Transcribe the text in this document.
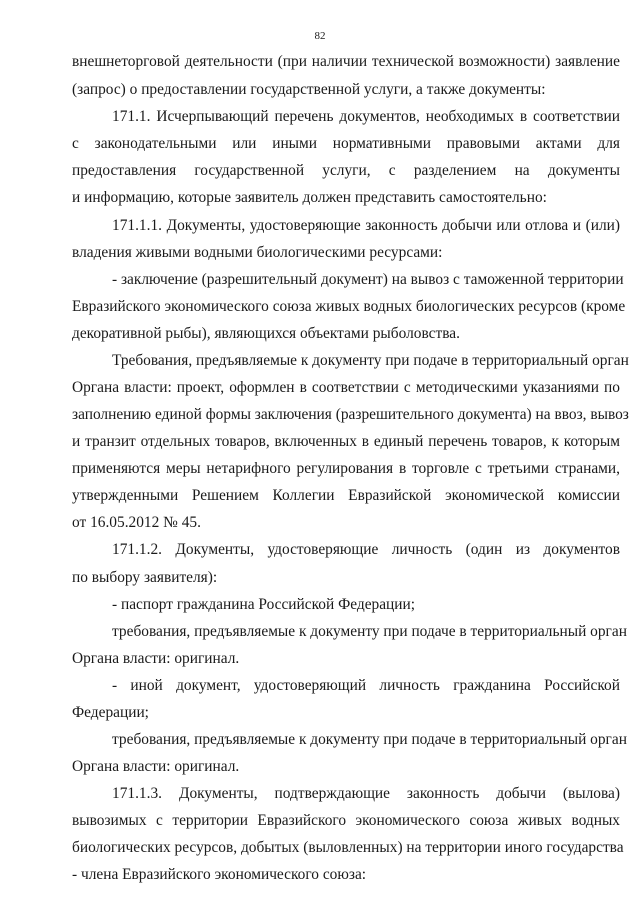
82
внешнеторговой деятельности (при наличии технической возможности) заявление
(запрос) о предоставлении государственной услуги, а также документы:
171.1. Исчерпывающий перечень документов, необходимых в соответствии
с законодательными или иными нормативными правовыми актами для
предоставления государственной услуги, с разделением на документы
и информацию, которые заявитель должен представить самостоятельно:
171.1.1. Документы, удостоверяющие законность добычи или отлова и (или)
владения живыми водными биологическими ресурсами:
- заключение (разрешительный документ) на вывоз с таможенной территории
Евразийского экономического союза живых водных биологических ресурсов (кроме
декоративной рыбы), являющихся объектами рыболовства.
Требования, предъявляемые к документу при подаче в территориальный орган
Органа власти: проект, оформлен в соответствии с методическими указаниями по
заполнению единой формы заключения (разрешительного документа) на ввоз, вывоз
и транзит отдельных товаров, включенных в единый перечень товаров, к которым
применяются меры нетарифного регулирования в торговле с третьими странами,
утвержденными Решением Коллегии Евразийской экономической комиссии
от 16.05.2012 № 45.
171.1.2. Документы, удостоверяющие личность (один из документов
по выбору заявителя):
- паспорт гражданина Российской Федерации;
требования, предъявляемые к документу при подаче в территориальный орган
Органа власти: оригинал.
- иной документ, удостоверяющий личность гражданина Российской
Федерации;
требования, предъявляемые к документу при подаче в территориальный орган
Органа власти: оригинал.
171.1.3. Документы, подтверждающие законность добычи (вылова)
вывозимых с территории Евразийского экономического союза живых водных
биологических ресурсов, добытых (выловленных) на территории иного государства
- члена Евразийского экономического союза:
